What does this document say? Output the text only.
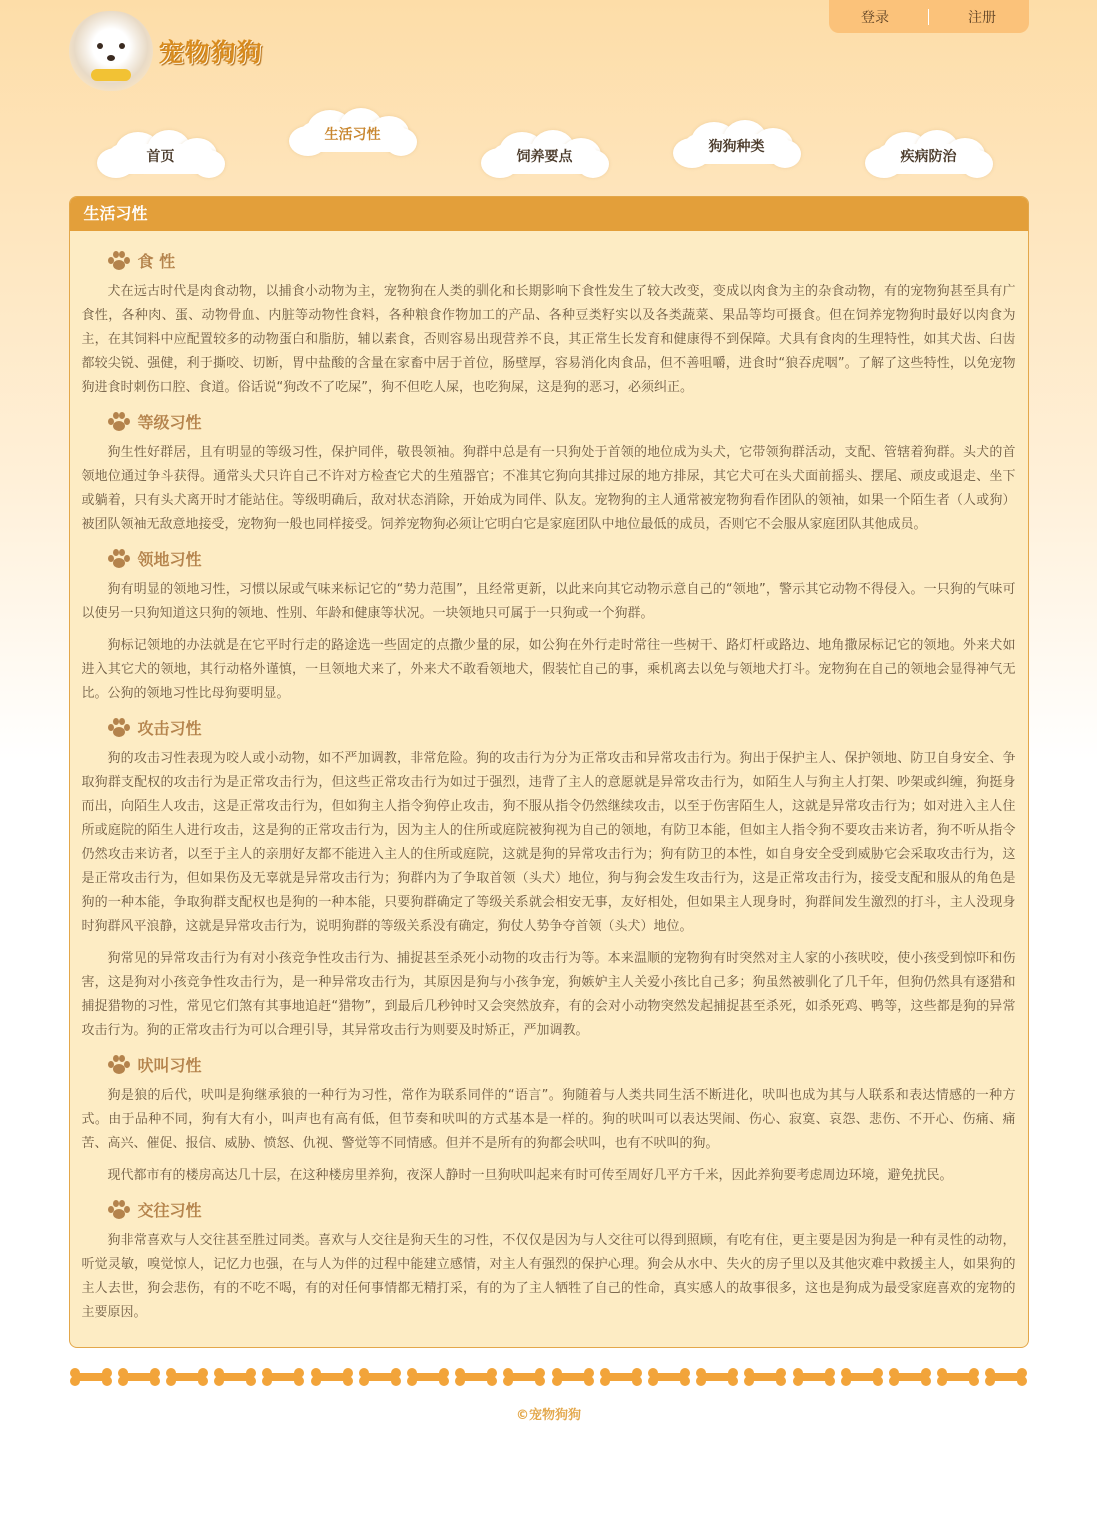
宠物狗狗
登录	注册
首页
生活习性
饲养要点
狗狗种类
疾病防治
生活习性
食 性

犬在远古时代是肉食动物，以捕食小动物为主，宠物狗在人类的驯化和长期影响下食性发生了较大改变，变成以肉食为主的杂食动物，有的宠物狗甚至具有广食性，各种肉、蛋、动物骨血、内脏等动物性食料，各种粮食作物加工的产品、各种豆类籽实以及各类蔬菜、果品等均可摄食。但在饲养宠物狗时最好以肉食为主，在其饲料中应配置较多的动物蛋白和脂肪，辅以素食，否则容易出现营养不良，其正常生长发育和健康得不到保障。犬具有食肉的生理特性，如其犬齿、臼齿都较尖锐、强健，利于撕咬、切断，胃中盐酸的含量在家畜中居于首位，肠壁厚，容易消化肉食品，但不善咀嚼，进食时“狼吞虎咽”。了解了这些特性，以免宠物狗进食时刺伤口腔、食道。俗话说“狗改不了吃屎”，狗不但吃人屎，也吃狗屎，这是狗的恶习，必须纠正。

等级习性

狗生性好群居，且有明显的等级习性，保护同伴，敬畏领袖。狗群中总是有一只狗处于首领的地位成为头犬，它带领狗群活动，支配、管辖着狗群。头犬的首领地位通过争斗获得。通常头犬只许自己不许对方检查它犬的生殖器官；不准其它狗向其排过尿的地方排尿，其它犬可在头犬面前摇头、摆尾、顽皮或退走、坐下或躺着，只有头犬离开时才能站住。等级明确后，敌对状态消除，开始成为同伴、队友。宠物狗的主人通常被宠物狗看作团队的领袖，如果一个陌生者（人或狗）被团队领袖无敌意地接受，宠物狗一般也同样接受。饲养宠物狗必须让它明白它是家庭团队中地位最低的成员，否则它不会服从家庭团队其他成员。

领地习性

狗有明显的领地习性，习惯以尿或气味来标记它的“势力范围”，且经常更新，以此来向其它动物示意自己的“领地”，警示其它动物不得侵入。一只狗的气味可以使另一只狗知道这只狗的领地、性别、年龄和健康等状况。一块领地只可属于一只狗或一个狗群。

狗标记领地的办法就是在它平时行走的路途选一些固定的点撒少量的尿，如公狗在外行走时常往一些树干、路灯杆或路边、地角撒尿标记它的领地。外来犬如进入其它犬的领地，其行动格外谨慎，一旦领地犬来了，外来犬不敢看领地犬，假装忙自己的事，乘机离去以免与领地犬打斗。宠物狗在自己的领地会显得神气无比。公狗的领地习性比母狗要明显。

攻击习性

狗的攻击习性表现为咬人或小动物，如不严加调教，非常危险。狗的攻击行为分为正常攻击和异常攻击行为。狗出于保护主人、保护领地、防卫自身安全、争取狗群支配权的攻击行为是正常攻击行为，但这些正常攻击行为如过于强烈，违背了主人的意愿就是异常攻击行为，如陌生人与狗主人打架、吵架或纠缠，狗挺身而出，向陌生人攻击，这是正常攻击行为，但如狗主人指令狗停止攻击，狗不服从指令仍然继续攻击，以至于伤害陌生人，这就是异常攻击行为；如对进入主人住所或庭院的陌生人进行攻击，这是狗的正常攻击行为，因为主人的住所或庭院被狗视为自己的领地，有防卫本能，但如主人指令狗不要攻击来访者，狗不听从指令仍然攻击来访者，以至于主人的亲朋好友都不能进入主人的住所或庭院，这就是狗的异常攻击行为；狗有防卫的本性，如自身安全受到威胁它会采取攻击行为，这是正常攻击行为，但如果伤及无辜就是异常攻击行为；狗群内为了争取首领（头犬）地位，狗与狗会发生攻击行为，这是正常攻击行为，接受支配和服从的角色是狗的一种本能，争取狗群支配权也是狗的一种本能，只要狗群确定了等级关系就会相安无事，友好相处，但如果主人现身时，狗群间发生激烈的打斗，主人没现身时狗群风平浪静，这就是异常攻击行为，说明狗群的等级关系没有确定，狗仗人势争夺首领（头犬）地位。

狗常见的异常攻击行为有对小孩竞争性攻击行为、捕捉甚至杀死小动物的攻击行为等。本来温顺的宠物狗有时突然对主人家的小孩吠咬，使小孩受到惊吓和伤害，这是狗对小孩竞争性攻击行为，是一种异常攻击行为，其原因是狗与小孩争宠，狗嫉妒主人关爱小孩比自己多；狗虽然被驯化了几千年，但狗仍然具有逐猎和捕捉猎物的习性，常见它们煞有其事地追赶“猎物”，到最后几秒钟时又会突然放弃，有的会对小动物突然发起捕捉甚至杀死，如杀死鸡、鸭等，这些都是狗的异常攻击行为。狗的正常攻击行为可以合理引导，其异常攻击行为则要及时矫正，严加调教。

吠叫习性

狗是狼的后代，吠叫是狗继承狼的一种行为习性，常作为联系同伴的“语言”。狗随着与人类共同生活不断进化，吠叫也成为其与人联系和表达情感的一种方式。由于品种不同，狗有大有小，叫声也有高有低，但节奏和吠叫的方式基本是一样的。狗的吠叫可以表达哭闹、伤心、寂寞、哀怨、悲伤、不开心、伤痛、痛苦、高兴、催促、报信、威胁、愤怒、仇视、警觉等不同情感。但并不是所有的狗都会吠叫，也有不吠叫的狗。

现代都市有的楼房高达几十层，在这种楼房里养狗，夜深人静时一旦狗吠叫起来有时可传至周好几平方千米，因此养狗要考虑周边环境，避免扰民。

交往习性

狗非常喜欢与人交往甚至胜过同类。喜欢与人交往是狗天生的习性，不仅仅是因为与人交往可以得到照顾，有吃有住，更主要是因为狗是一种有灵性的动物，听觉灵敏，嗅觉惊人，记忆力也强，在与人为伴的过程中能建立感情，对主人有强烈的保护心理。狗会从水中、失火的房子里以及其他灾难中救援主人，如果狗的主人去世，狗会悲伤，有的不吃不喝，有的对任何事情都无精打采，有的为了主人牺牲了自己的性命，真实感人的故事很多，这也是狗成为最受家庭喜欢的宠物的主要原因。

©宠物狗狗
